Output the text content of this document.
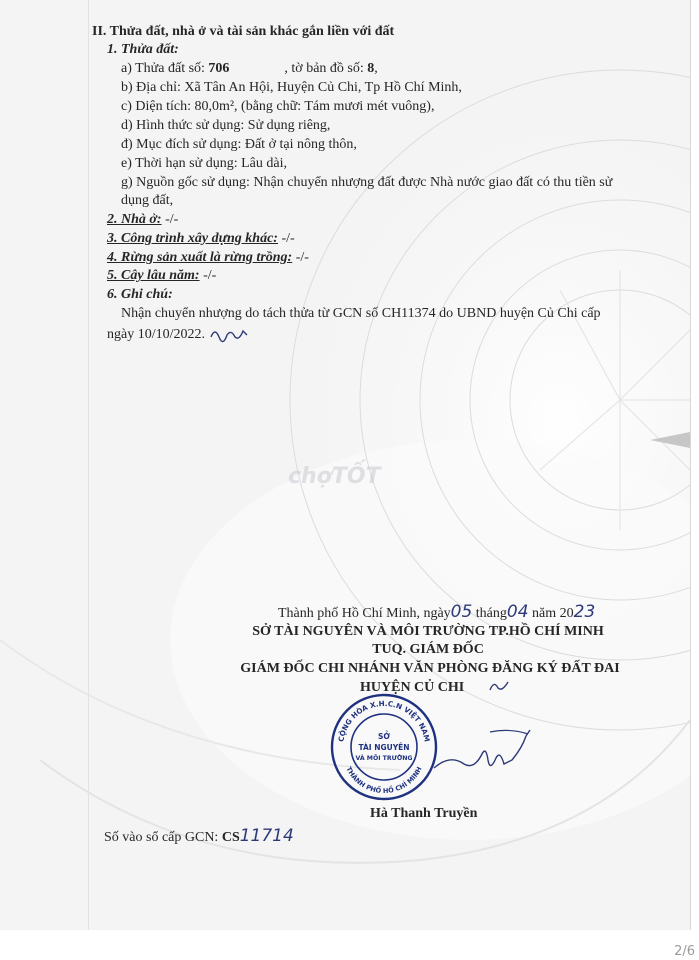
II. Thửa đất, nhà ở và tài sản khác gắn liền với đất
1. Thửa đất:
a) Thửa đất số: 706	, tờ bản đồ số: 8,
b) Địa chỉ: Xã Tân An Hội, Huyện Củ Chi, Tp Hồ Chí Minh,
c) Diện tích: 80,0m², (bằng chữ: Tám mươi mét vuông),
d) Hình thức sử dụng: Sử dụng riêng,
đ) Mục đích sử dụng: Đất ở tại nông thôn,
e) Thời hạn sử dụng: Lâu dài,
g) Nguồn gốc sử dụng: Nhận chuyển nhượng đất được Nhà nước giao đất có thu tiền sử
dụng đất,
2. Nhà ở: -/-
3. Công trình xây dựng khác: -/-
4. Rừng sản xuất là rừng trồng: -/-
5. Cây lâu năm: -/-
6. Ghi chú:
Nhận chuyển nhượng do tách thửa từ GCN số CH11374 do UBND huyện Củ Chi cấp
ngày 10/10/2022.
chợTỐT
Thành phố Hồ Chí Minh, ngày05 tháng04 năm 2023
SỞ TÀI NGUYÊN VÀ MÔI TRƯỜNG TP.HỒ CHÍ MINH
TUQ. GIÁM ĐỐC
GIÁM ĐỐC CHI NHÁNH VĂN PHÒNG ĐĂNG KÝ ĐẤT ĐAI
HUYỆN CỦ CHI
CỘNG HÒA X.H.C.N VIỆT NAM
THÀNH PHỐ HỒ CHÍ MINH
SỞ
TÀI NGUYÊN
VÀ MÔI TRƯỜNG
Hà Thanh Truyền
Số vào sổ cấp GCN: CS11714
2/6
